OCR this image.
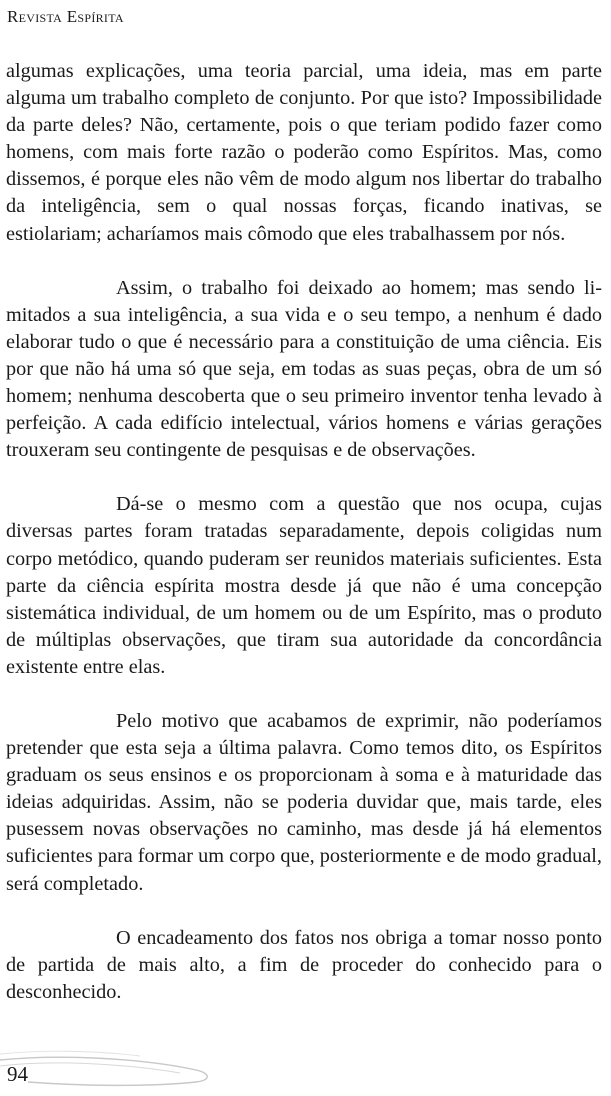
Revista Espírita

algumas explicações, uma teoria parcial, uma ideia, mas em parte alguma um trabalho completo de conjunto. Por que isto? Impossibilidade da parte deles? Não, certamente, pois o que teriam podido fazer como homens, com mais forte razão o poderão como Espíritos. Mas, como dissemos, é porque eles não vêm de modo algum nos libertar do trabalho da inteligência, sem o qual nossas forças, ficando inativas, se estiolariam; acharíamos mais cômodo que eles trabalhassem por nós.

Assim, o trabalho foi deixado ao homem; mas sendo limitados a sua inteligência, a sua vida e o seu tempo, a nenhum é dado elaborar tudo o que é necessário para a constituição de uma ciência. Eis por que não há uma só que seja, em todas as suas peças, obra de um só homem; nenhuma descoberta que o seu primeiro inventor tenha levado à perfeição. A cada edifício intelectual, vários homens e várias gerações trouxeram seu contingente de pesquisas e de observações.

Dá-se o mesmo com a questão que nos ocupa, cujas diversas partes foram tratadas separadamente, depois coligidas num corpo metódico, quando puderam ser reunidos materiais suficientes. Esta parte da ciência espírita mostra desde já que não é uma concepção sistemática individual, de um homem ou de um Espírito, mas o produto de múltiplas observações, que tiram sua autoridade da concordância existente entre elas.

Pelo motivo que acabamos de exprimir, não poderíamos pretender que esta seja a última palavra. Como temos dito, os Espíritos graduam os seus ensinos e os proporcionam à soma e à maturidade das ideias adquiridas. Assim, não se poderia duvidar que, mais tarde, eles pusessem novas observações no caminho, mas desde já há elementos suficientes para formar um corpo que, posteriormente e de modo gradual, será completado.

O encadeamento dos fatos nos obriga a tomar nosso ponto de partida de mais alto, a fim de proceder do conhecido para o desconhecido.

94
